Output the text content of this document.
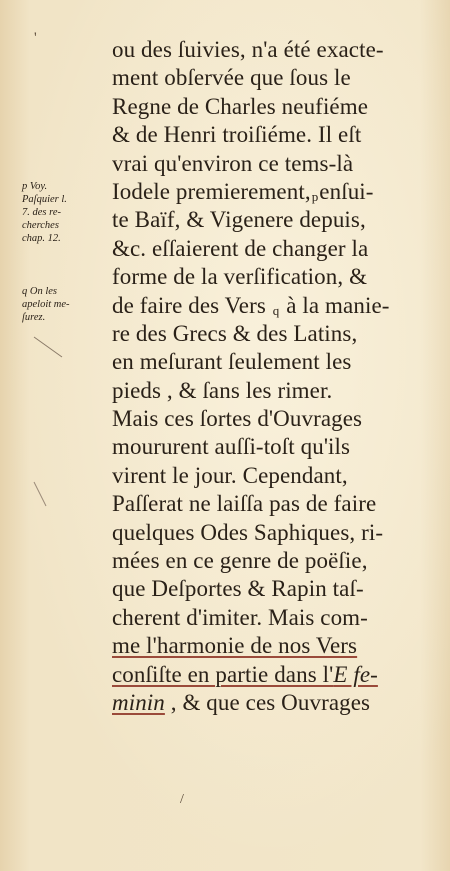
'
p Voy.
Paſquier l.
7. des re-
cherches
chap. 12.
q On les
apeloit me-
ſurez.
ou des ſuivies, n'a été exacte-
ment obſervée que ſous le
Regne de Charles neufiéme
& de Henri troiſiéme. Il eſt
vrai qu'environ ce tems-là
Iodele premierement,penſui-
te Baïf, & Vigenere depuis,
&c. eſſaierent de changer la
forme de la verſification, &
de faire des Vers q à la manie-
re des Grecs & des Latins,
en meſurant ſeulement les
pieds , & ſans les rimer.
Mais ces ſortes d'Ouvrages
moururent auſſi-toſt qu'ils
virent le jour. Cependant,
Paſſerat ne laiſſa pas de faire
quelques Odes Saphiques, ri-
mées en ce genre de poëſie,
que Deſportes & Rapin taſ-
cherent d'imiter. Mais com-
me l'harmonie de nos Vers
conſiſte en partie dans l'E fe-
minin , & que ces Ouvrages
/
